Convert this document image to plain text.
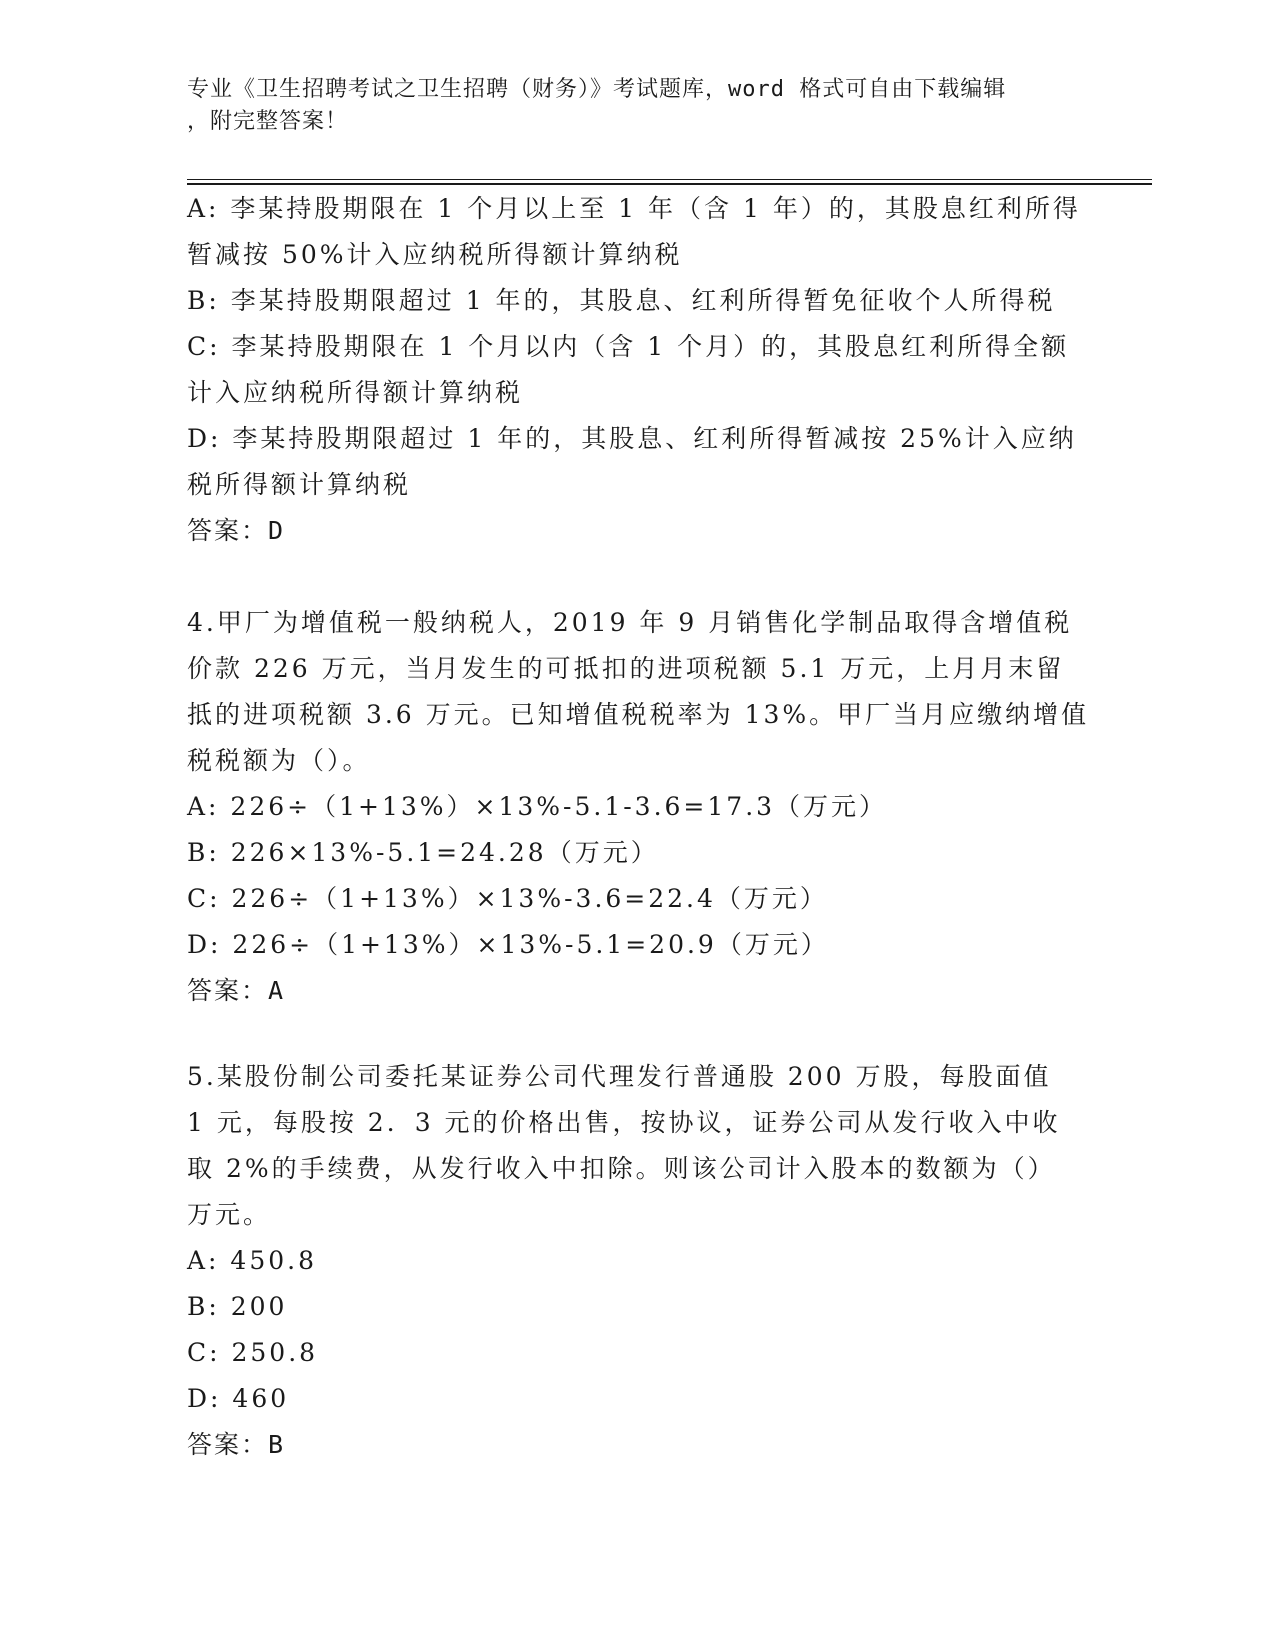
专业《卫生招聘考试之卫生招聘（财务）》考试题库，word 格式可自由下载编辑
，附完整答案！
A: 李某持股期限在 1 个月以上至 1 年（含 1 年）的，其股息红利所得
暂减按 50%计入应纳税所得额计算纳税
B: 李某持股期限超过 1 年的，其股息、红利所得暂免征收个人所得税
C: 李某持股期限在 1 个月以内（含 1 个月）的，其股息红利所得全额
计入应纳税所得额计算纳税
D: 李某持股期限超过 1 年的，其股息、红利所得暂减按 25%计入应纳
税所得额计算纳税
答案：D
4.甲厂为增值税一般纳税人，2019 年 9 月销售化学制品取得含增值税
价款 226 万元，当月发生的可抵扣的进项税额 5.1 万元，上月月末留
抵的进项税额 3.6 万元。已知增值税税率为 13%。甲厂当月应缴纳增值
税税额为（）。
A: 226÷（1+13%）×13%-5.1-3.6=17.3（万元）
B: 226×13%-5.1=24.28（万元）
C: 226÷（1+13%）×13%-3.6=22.4（万元）
D: 226÷（1+13%）×13%-5.1=20.9（万元）
答案：A
5.某股份制公司委托某证券公司代理发行普通股 200 万股，每股面值
1 元，每股按 2．3 元的价格出售，按协议，证券公司从发行收入中收
取 2%的手续费，从发行收入中扣除。则该公司计入股本的数额为（）
万元。
A: 450.8
B: 200
C: 250.8
D: 460
答案：B
